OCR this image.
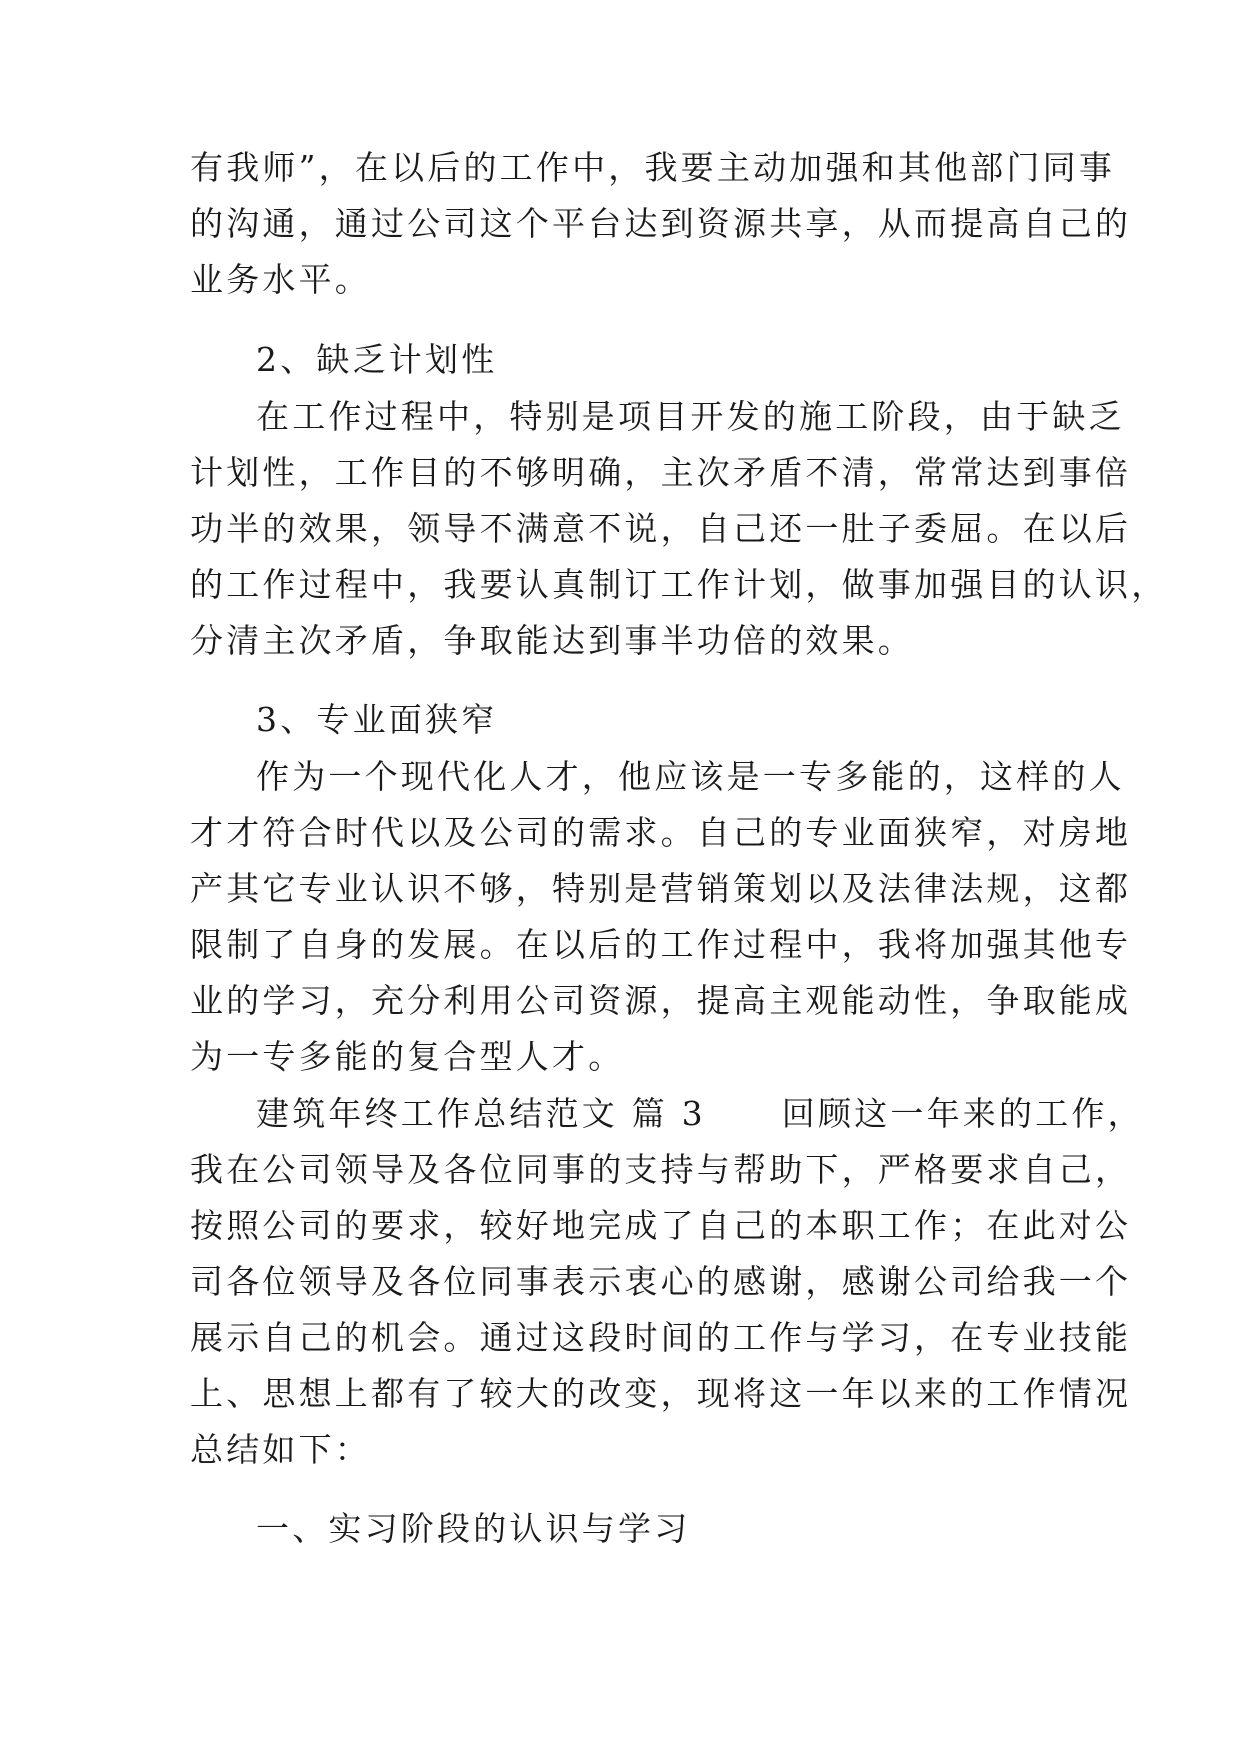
有我师”，在以后的工作中，我要主动加强和其他部门同事
的沟通，通过公司这个平台达到资源共享，从而提高自己的
业务水平。
2、缺乏计划性
在工作过程中，特别是项目开发的施工阶段，由于缺乏
计划性，工作目的不够明确，主次矛盾不清，常常达到事倍
功半的效果，领导不满意不说，自己还一肚子委屈。在以后
的工作过程中，我要认真制订工作计划，做事加强目的认识，
分清主次矛盾，争取能达到事半功倍的效果。
3、专业面狭窄
作为一个现代化人才，他应该是一专多能的，这样的人
才才符合时代以及公司的需求。自己的专业面狭窄，对房地
产其它专业认识不够，特别是营销策划以及法律法规，这都
限制了自身的发展。在以后的工作过程中，我将加强其他专
业的学习，充分利用公司资源，提高主观能动性，争取能成
为一专多能的复合型人才。
建筑年终工作总结范文 篇 3 回顾这一年来的工作，
我在公司领导及各位同事的支持与帮助下，严格要求自己，
按照公司的要求，较好地完成了自己的本职工作；在此对公
司各位领导及各位同事表示衷心的感谢，感谢公司给我一个
展示自己的机会。通过这段时间的工作与学习，在专业技能
上、思想上都有了较大的改变，现将这一年以来的工作情况
总结如下：
一、实习阶段的认识与学习
